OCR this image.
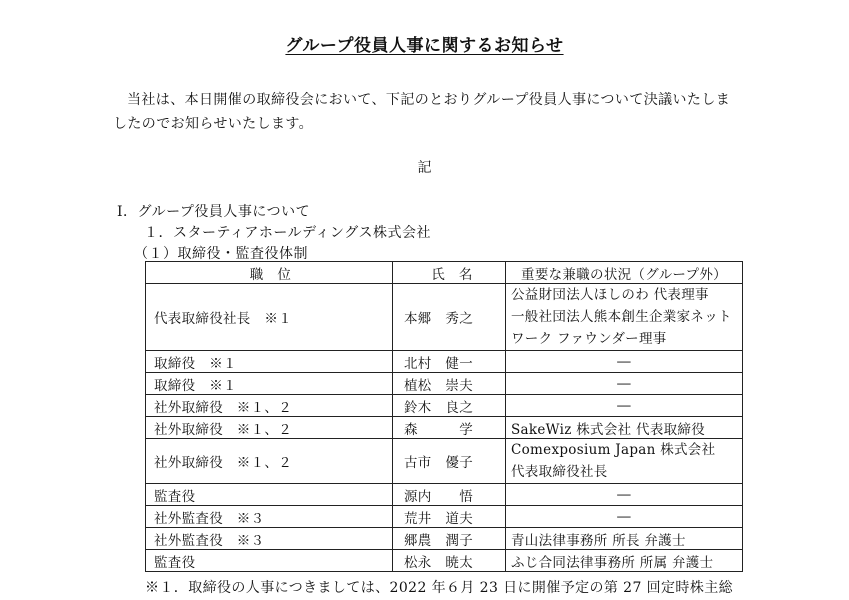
グループ役員人事に関するお知らせ
当社は、本日開催の取締役会において、下記のとおりグループ役員人事について決議いたしましたのでお知らせいたします。
記
Ⅰ．グループ役員人事について
１．スターティアホールディングス株式会社
（１）取締役・監査役体制
職　位	氏　名	重要な兼職の状況（グループ外）
代表取締役社長　※１	本郷　秀之	公益財団法人ほしのわ 代表理事
一般社団法人熊本創生企業家ネット
ワーク ファウンダー理事

取締役　※１	北村　健一	―
取締役　※１	植松　崇夫	―
社外取締役　※１、２	鈴木　良之	―
社外取締役　※１、２	森　　　学	SakeWiz 株式会社 代表取締役
社外取締役　※１、２	古市　優子	Comexposium Japan 株式会社
代表取締役社長

監査役	源内　　悟	―
社外監査役　※３	荒井　道夫	―
社外監査役　※３	郷農　潤子	青山法律事務所 所長 弁護士
監査役	松永　暁太	ふじ合同法律事務所 所属 弁護士
※１．取締役の人事につきましては、2022 年６月 23 日に開催予定の第 27 回定時株主総
